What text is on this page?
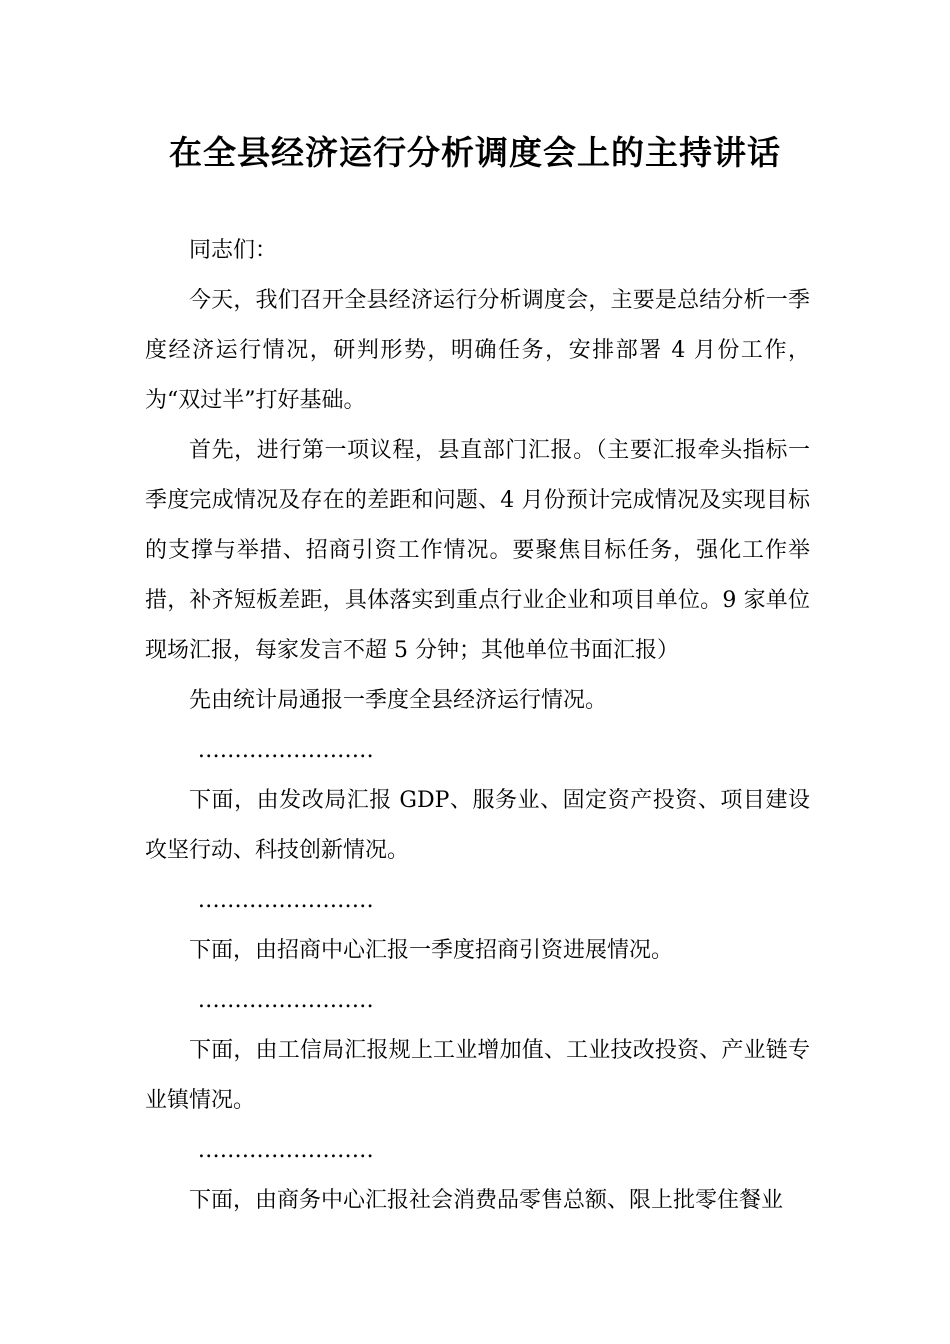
在全县经济运行分析调度会上的主持讲话

同志们：

今天，我们召开全县经济运行分析调度会，主要是总结分析一季度经济运行情况，研判形势，明确任务，安排部署 4 月份工作，为“双过半”打好基础。

首先，进行第一项议程，县直部门汇报。（主要汇报牵头指标一季度完成情况及存在的差距和问题、4 月份预计完成情况及实现目标的支撑与举措、招商引资工作情况。要聚焦目标任务，强化工作举措，补齐短板差距，具体落实到重点行业企业和项目单位。9 家单位现场汇报，每家发言不超 5 分钟；其他单位书面汇报）

先由统计局通报一季度全县经济运行情况。

……………………

下面，由发改局汇报 GDP、服务业、固定资产投资、项目建设攻坚行动、科技创新情况。

……………………

下面，由招商中心汇报一季度招商引资进展情况。

……………………

下面，由工信局汇报规上工业增加值、工业技改投资、产业链专业镇情况。

……………………

下面，由商务中心汇报社会消费品零售总额、限上批零住餐业
